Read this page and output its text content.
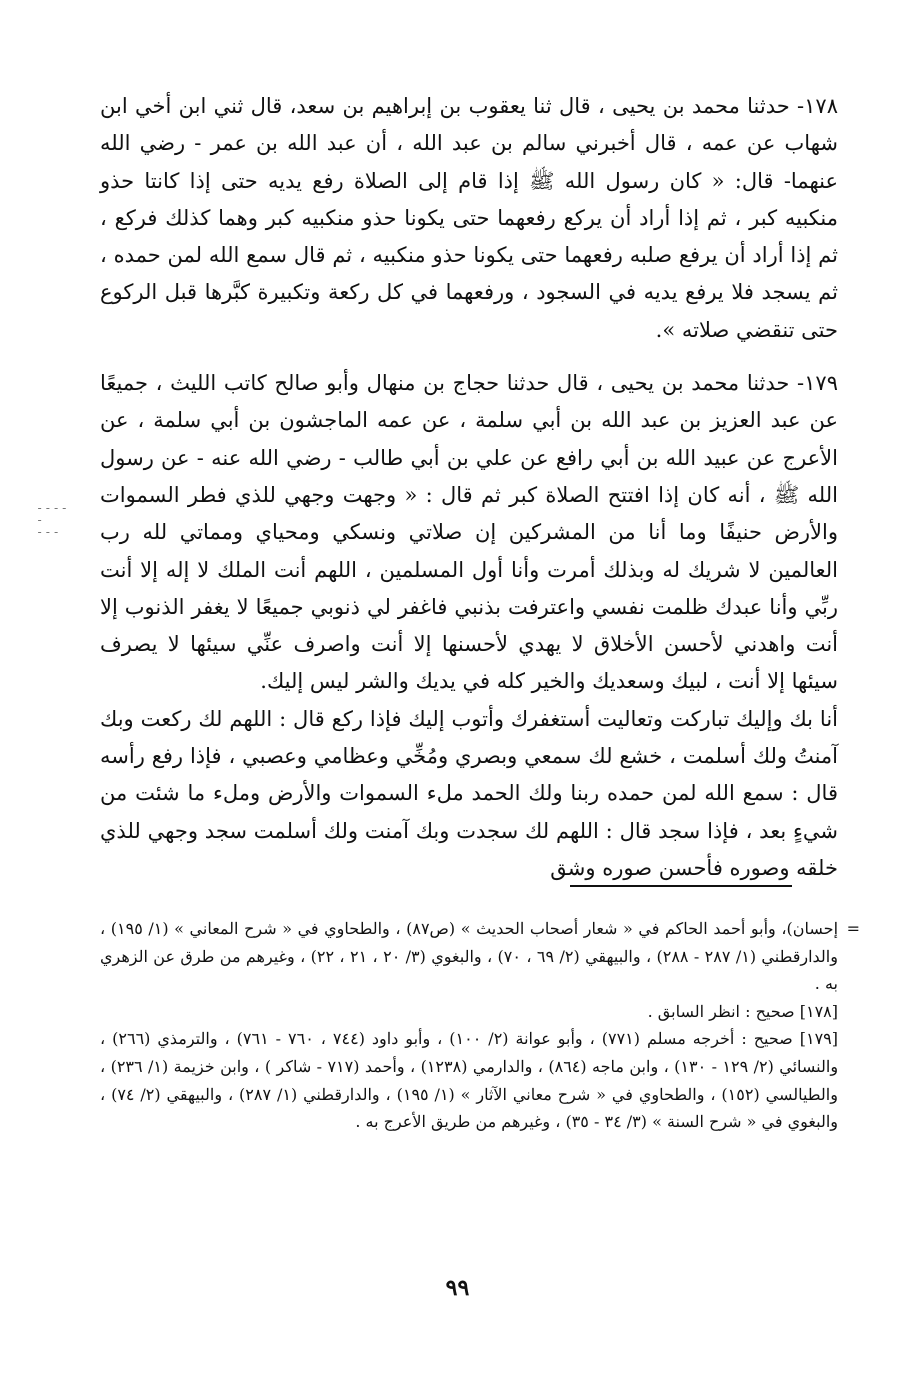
١٧٨- حدثنا محمد بن يحيى ، قال ثنا يعقوب بن إبراهيم بن سعد، قال ثني ابن أخي ابن شهاب عن عمه ، قال أخبرني سالم بن عبد الله ، أن عبد الله بن عمر - رضي الله عنهما- قال: « كان رسول الله ﷺ إذا قام إلى الصلاة رفع يديه حتى إذا كانتا حذو منكبيه كبر ، ثم إذا أراد أن يركع رفعهما حتى يكونا حذو منكبيه كبر وهما كذلك فركع ، ثم إذا أراد أن يرفع صلبه رفعهما حتى يكونا حذو منكبيه ، ثم قال سمع الله لمن حمده ، ثم يسجد فلا يرفع يديه في السجود ، ورفعهما في كل ركعة وتكبيرة كبَّرها قبل الركوع حتى تنقضي صلاته ».

١٧٩- حدثنا محمد بن يحيى ، قال حدثنا حجاج بن منهال وأبو صالح كاتب الليث ، جميعًا عن عبد العزيز بن عبد الله بن أبي سلمة ، عن عمه الماجشون بن أبي سلمة ، عن الأعرج عن عبيد الله بن أبي رافع عن علي بن أبي طالب - رضي الله عنه - عن رسول الله ﷺ ، أنه كان إذا افتتح الصلاة كبر ثم قال : « وجهت وجهي للذي فطر السموات والأرض حنيفًا وما أنا من المشركين إن صلاتي ونسكي ومحياي ومماتي لله رب العالمين لا شريك له وبذلك أمرت وأنا أول المسلمين ، اللهم أنت الملك لا إله إلا أنت ربِّي وأنا عبدك ظلمت نفسي واعترفت بذنبي فاغفر لي ذنوبي جميعًا لا يغفر الذنوب إلا أنت واهدني لأحسن الأخلاق لا يهدي لأحسنها إلا أنت واصرف عنِّي سيئها لا يصرف سيئها إلا أنت ، لبيك وسعديك والخير كله في يديك والشر ليس إليك.

أنا بك وإليك تباركت وتعاليت أستغفرك وأتوب إليك فإذا ركع قال : اللهم لك ركعت وبك آمنتُ ولك أسلمت ، خشع لك سمعي وبصري ومُخِّي وعظامي وعصبي ، فإذا رفع رأسه قال : سمع الله لمن حمده ربنا ولك الحمد ملء السموات والأرض وملء ما شئت من شيءٍ بعد ، فإذا سجد قال : اللهم لك سجدت وبك آمنت ولك أسلمت سجد وجهي للذي خلقه وصوره فأحسن صوره وشق

-----
---
=

إحسان)، وأبو أحمد الحاكم في « شعار أصحاب الحديث » (ص٨٧) ، والطحاوي في « شرح المعاني » (١/ ١٩٥) ، والدارقطني (١/ ٢٨٧ - ٢٨٨) ، والبيهقي (٢/ ٦٩ ، ٧٠) ، والبغوي (٣/ ٢٠ ، ٢١ ، ٢٢) ، وغيرهم من طرق عن الزهري به .

[١٧٨] صحيح : انظر السابق .

[١٧٩] صحيح : أخرجه مسلم (٧٧١) ، وأبو عوانة (٢/ ١٠٠) ، وأبو داود (٧٤٤ ، ٧٦٠ - ٧٦١) ، والترمذي (٢٦٦) ، والنسائي (٢/ ١٢٩ - ١٣٠) ، وابن ماجه (٨٦٤) ، والدارمي (١٢٣٨) ، وأحمد (٧١٧ - شاكر ) ، وابن خزيمة (١/ ٢٣٦) ، والطيالسي (١٥٢) ، والطحاوي في « شرح معاني الآثار » (١/ ١٩٥) ، والدارقطني (١/ ٢٨٧) ، والبيهقي (٢/ ٧٤) ، والبغوي في « شرح السنة » (٣/ ٣٤ - ٣٥) ، وغيرهم من طريق الأعرج به .

٩٩
